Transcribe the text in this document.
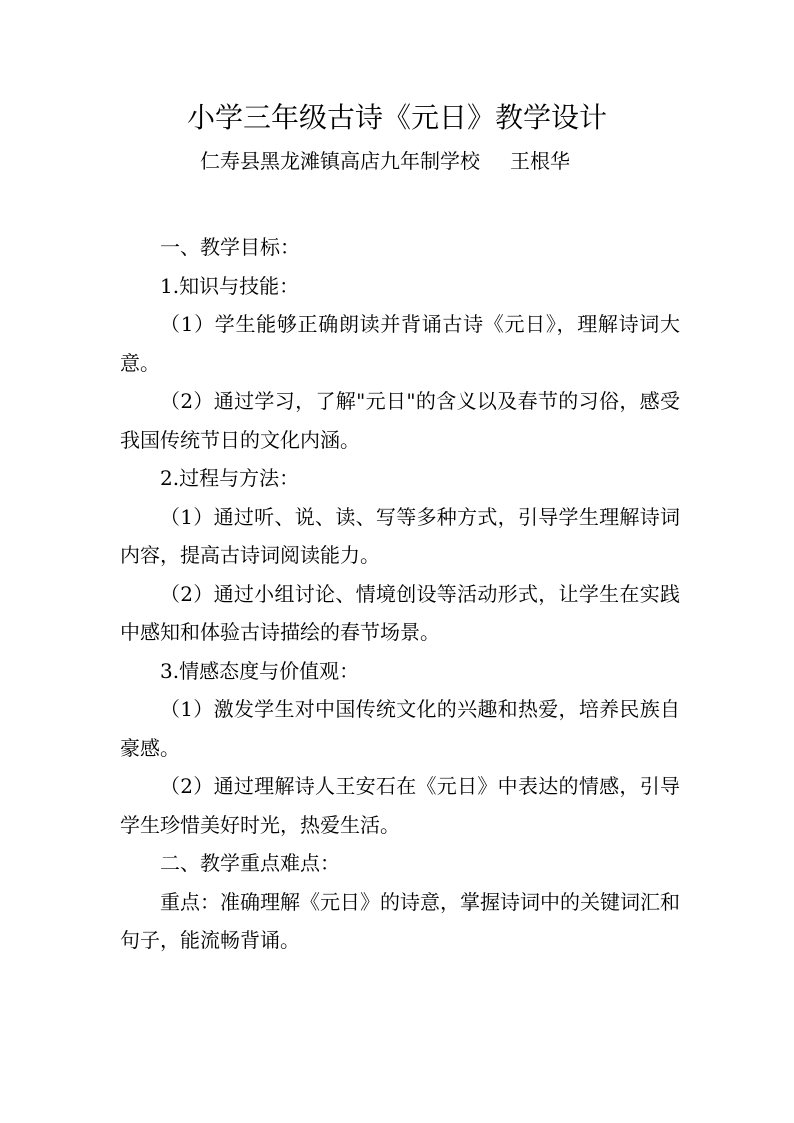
小学三年级古诗《元日》教学设计
仁寿县黑龙滩镇高店九年制学校 王根华

一、教学目标：

1.知识与技能：

（1）学生能够正确朗读并背诵古诗《元日》，理解诗词大意。

（2）通过学习，了解"元日"的含义以及春节的习俗，感受我国传统节日的文化内涵。

2.过程与方法：

（1）通过听、说、读、写等多种方式，引导学生理解诗词内容，提高古诗词阅读能力。

（2）通过小组讨论、情境创设等活动形式，让学生在实践中感知和体验古诗描绘的春节场景。

3.情感态度与价值观：

（1）激发学生对中国传统文化的兴趣和热爱，培养民族自豪感。

（2）通过理解诗人王安石在《元日》中表达的情感，引导学生珍惜美好时光，热爱生活。

二、教学重点难点：

重点：准确理解《元日》的诗意，掌握诗词中的关键词汇和句子，能流畅背诵。
